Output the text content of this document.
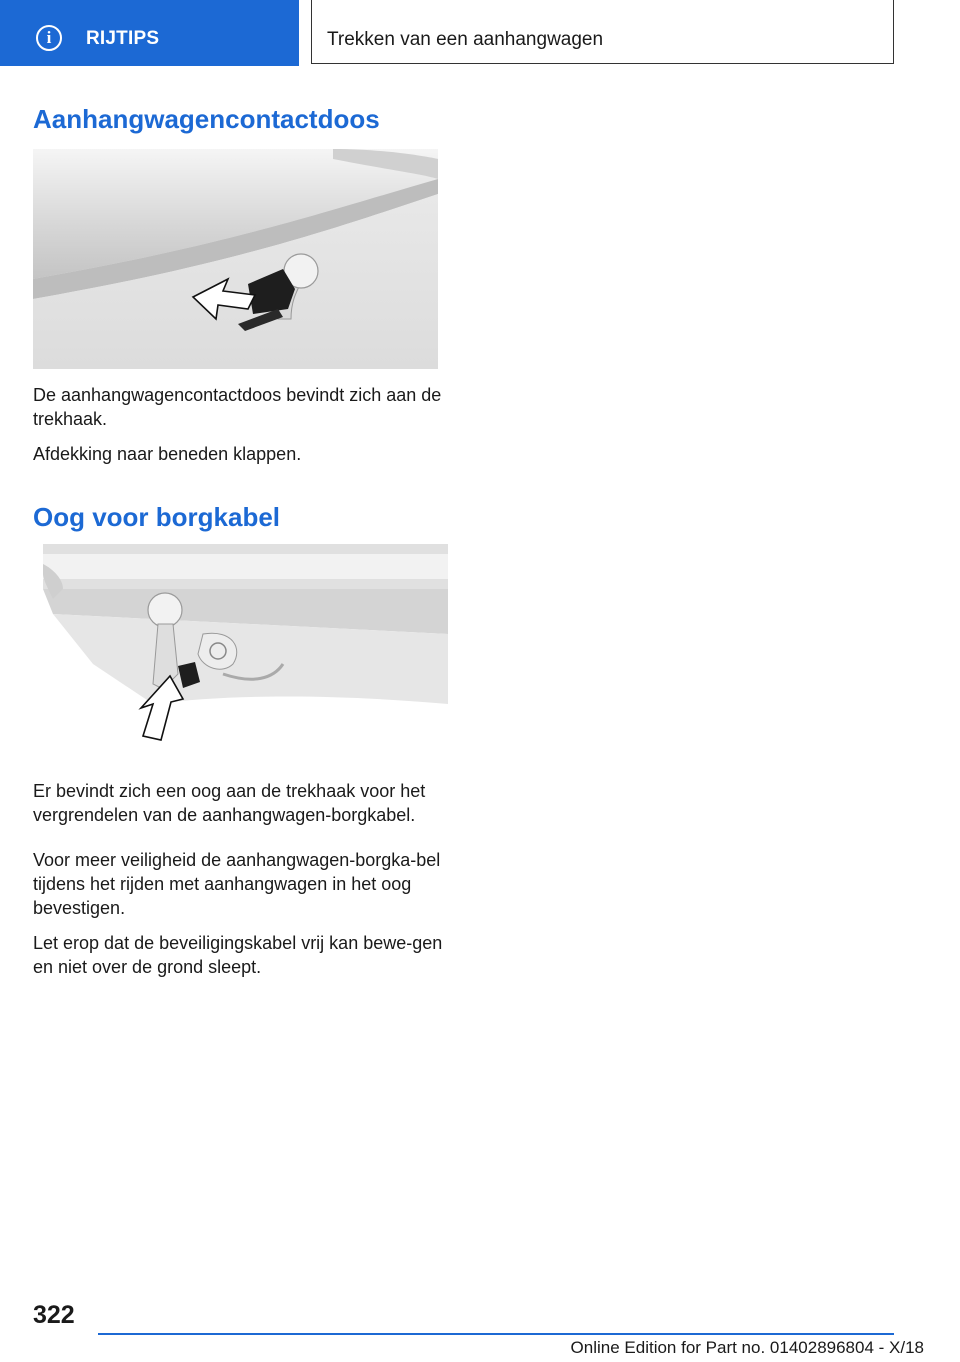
i	RIJTIPS	Trekken van een aanhangwagen
Aanhangwagencontactdoos

De aanhangwagencontactdoos bevindt zich aan de trekhaak.

Afdekking naar beneden klappen.

Oog voor borgkabel

Er bevindt zich een oog aan de trekhaak voor het vergrendelen van de aanhangwagen-borgkabel.

Voor meer veiligheid de aanhangwagen-borgka-bel tijdens het rijden met aanhangwagen in het oog bevestigen.

Let erop dat de beveiligingskabel vrij kan bewe-gen en niet over de grond sleept.

322
Online Edition for Part no. 01402896804 - X/18
